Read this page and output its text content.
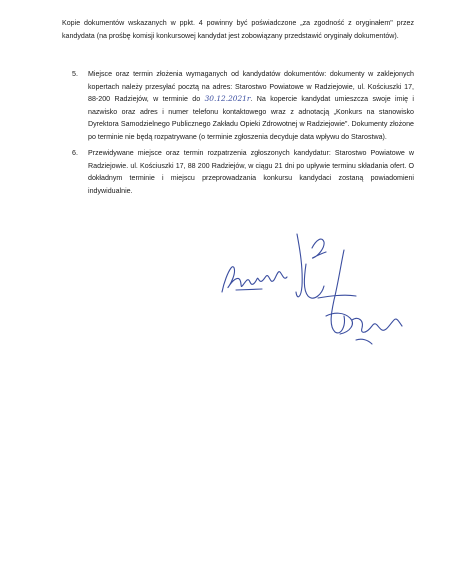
Kopie dokumentów wskazanych w ppkt. 4 powinny być poświadczone „za zgodność z oryginałem" przez kandydata (na prośbę komisji konkursowej kandydat jest zobowiązany przedstawić oryginały dokumentów).

5. Miejsce oraz termin złożenia wymaganych od kandydatów dokumentów: dokumenty w zaklejonych kopertach należy przesyłać pocztą na adres: Starostwo Powiatowe w Radziejowie, ul. Kościuszki 17, 88-200 Radziejów, w terminie do 30.12.2021r. Na kopercie kandydat umieszcza swoje imię i nazwisko oraz adres i numer telefonu kontaktowego wraz z adnotacją „Konkurs na stanowisko Dyrektora Samodzielnego Publicznego Zakładu Opieki Zdrowotnej w Radziejowie". Dokumenty złożone po terminie nie będą rozpatrywane (o terminie zgłoszenia decyduje data wpływu do Starostwa).
6. Przewidywane miejsce oraz termin rozpatrzenia zgłoszonych kandydatur: Starostwo Powiatowe w Radziejowie. ul. Kościuszki 17, 88 200 Radziejów, w ciągu 21 dni po upływie terminu składania ofert. O dokładnym terminie i miejscu przeprowadzania konkursu kandydaci zostaną powiadomieni indywidualnie.
